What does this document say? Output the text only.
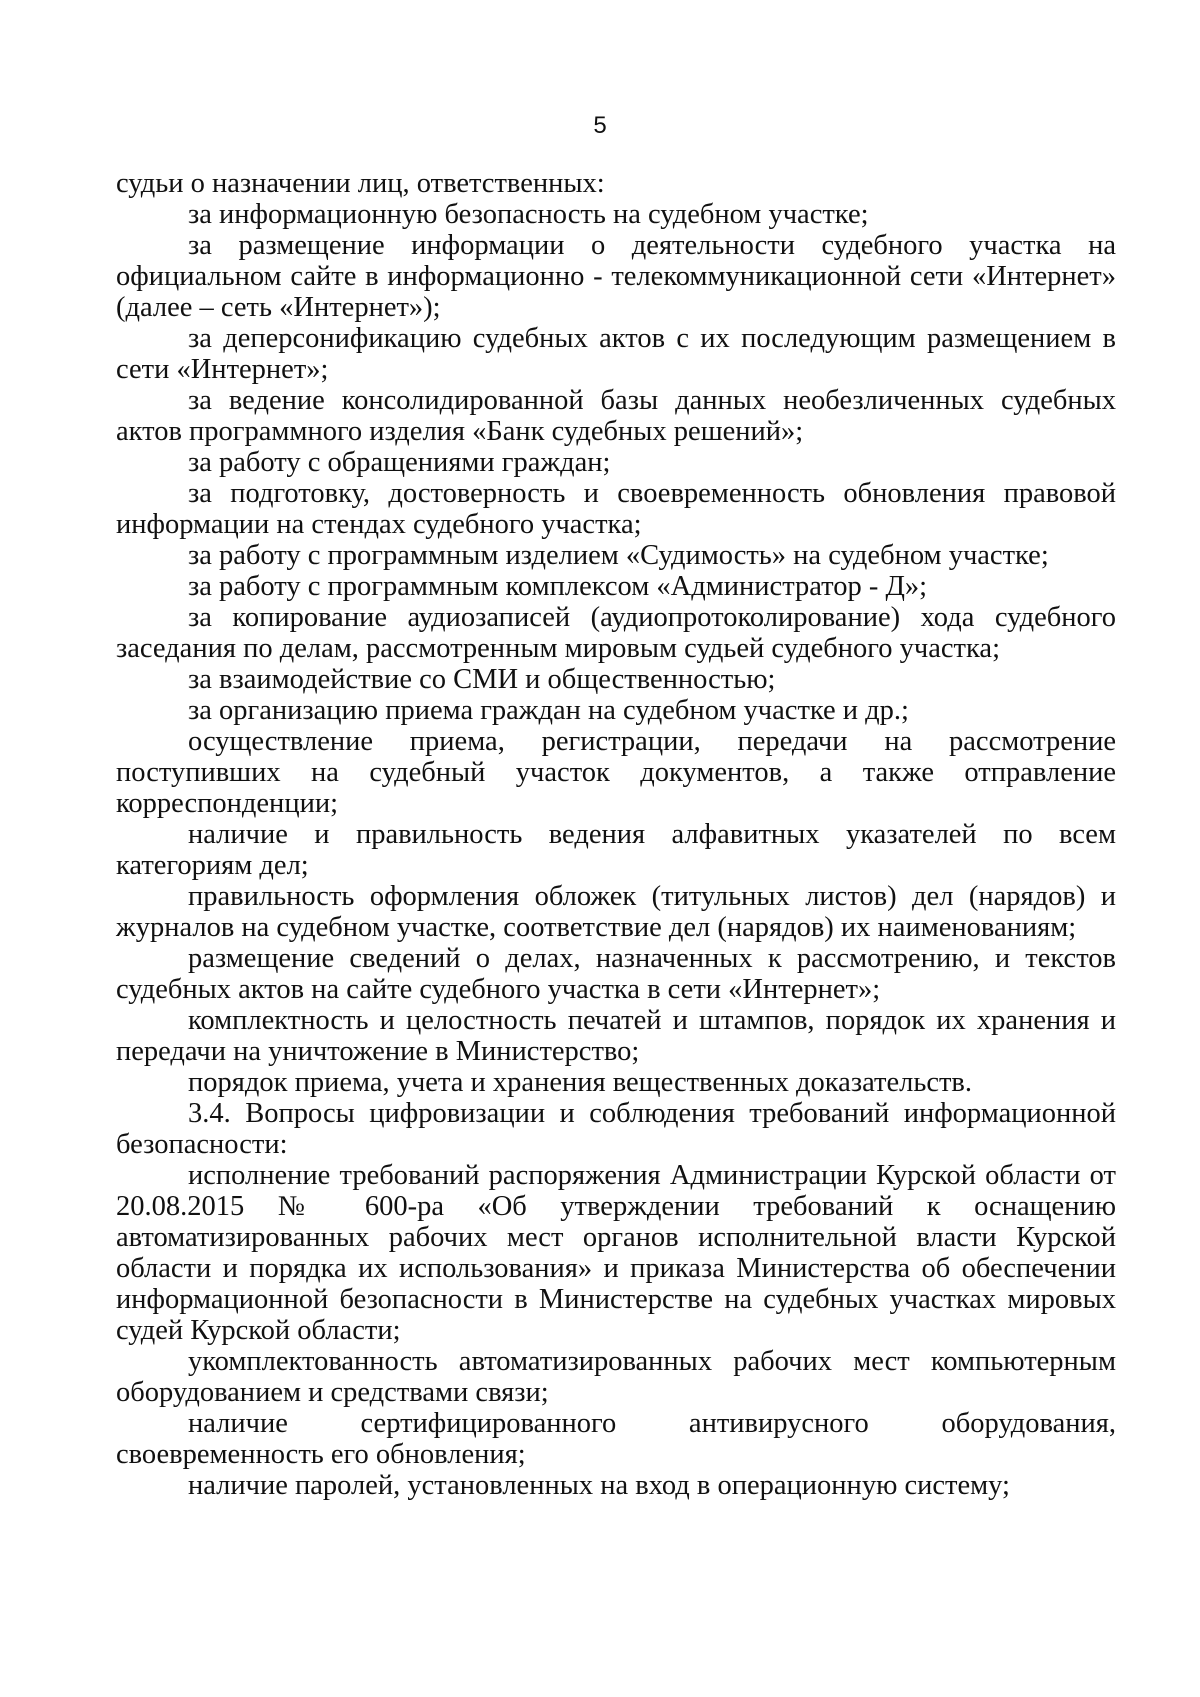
5

судьи о назначении лиц, ответственных:

за информационную безопасность на судебном участке;

за размещение информации о деятельности судебного участка на официальном сайте в информационно - телекоммуникационной сети «Интернет» (далее – сеть «Интернет»);

за деперсонификацию судебных актов с их последующим размещением в сети «Интернет»;

за ведение консолидированной базы данных необезличенных судебных актов программного изделия «Банк судебных решений»;

за работу с обращениями граждан;

за подготовку, достоверность и своевременность обновления правовой информации на стендах судебного участка;

за работу с программным изделием «Судимость» на судебном участке;

за работу с программным комплексом «Администратор - Д»;

за копирование аудиозаписей (аудиопротоколирование) хода судебного заседания по делам, рассмотренным мировым судьей судебного участка;

за взаимодействие со СМИ и общественностью;

за организацию приема граждан на судебном участке и др.;

осуществление приема, регистрации, передачи на рассмотрение поступивших на судебный участок документов, а также отправление корреспонденции;

наличие и правильность ведения алфавитных указателей по всем категориям дел;

правильность оформления обложек (титульных листов) дел (нарядов) и журналов на судебном участке, соответствие дел (нарядов) их наименованиям;

размещение сведений о делах, назначенных к рассмотрению, и текстов судебных актов на сайте судебного участка в сети «Интернет»;

комплектность и целостность печатей и штампов, порядок их хранения и передачи на уничтожение в Министерство;

порядок приема, учета и хранения вещественных доказательств.

3.4. Вопросы цифровизации и соблюдения требований информационной безопасности:

исполнение требований распоряжения Администрации Курской области от 20.08.2015 № 600-ра «Об утверждении требований к оснащению автоматизированных рабочих мест органов исполнительной власти Курской области и порядка их использования» и приказа Министерства об обеспечении информационной безопасности в Министерстве на судебных участках мировых судей Курской области;

укомплектованность автоматизированных рабочих мест компьютерным оборудованием и средствами связи;

наличие сертифицированного антивирусного оборудования, своевременность его обновления;

наличие паролей, установленных на вход в операционную систему;
